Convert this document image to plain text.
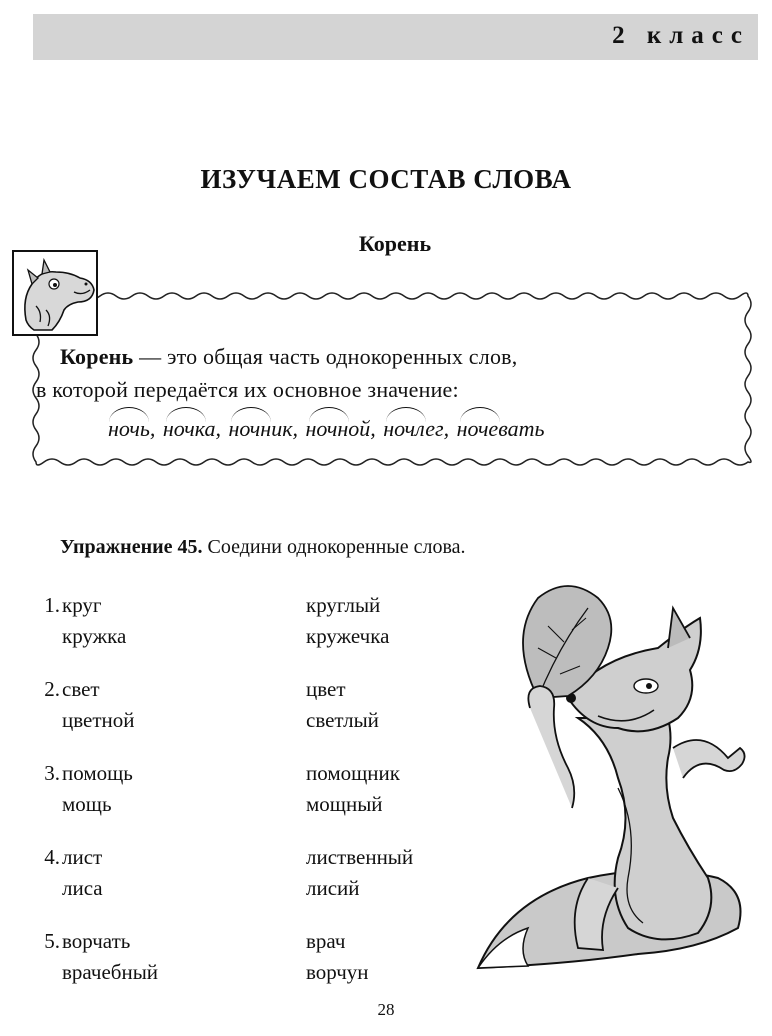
2 класс
ИЗУЧАЕМ СОСТАВ СЛОВА
Корень
Корень — это общая часть однокоренных слов,
в которой передаётся их основное значение:
ночь, ночка, ночник, ночной, ночлег, ночевать
Упражнение 45. Соедини однокоренные слова.
1. круг
кружка
круглый
кружечка
2. свет
цветной
цвет
светлый
3. помощь
мощь
помощник
мощный
4. лист
лиса
лиственный
лисий
5. ворчать
врачебный
врач
ворчун
28
